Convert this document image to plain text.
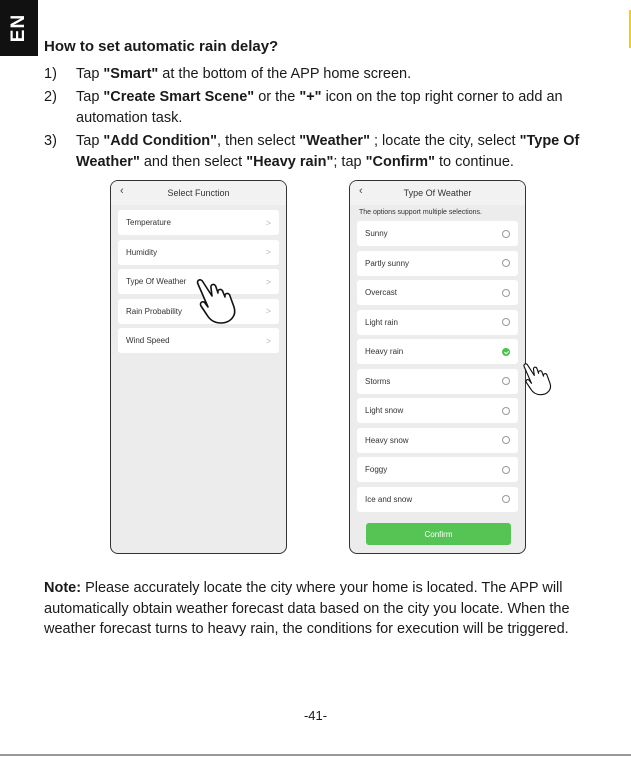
EN
How to set automatic rain delay?
1)	Tap "Smart" at the bottom of the APP home screen.
2)	Tap "Create Smart Scene" or the "+" icon on the top right corner to add an automation task.
3)	Tap "Add Condition", then select "Weather" ; locate the city, select "Type Of Weather" and then select "Heavy rain"; tap "Confirm" to continue.
‹	Select Function
Temperature	>
Humidity	>
Type Of Weather	>
Rain Probability	>
Wind Speed	>
‹	Type Of Weather
The options support multiple selections.
Sunny
Partly sunny
Overcast
Light rain
Heavy rain
Storms
Light snow
Heavy snow
Foggy
Ice and snow
Confirm

Note: Please accurately locate the city where your home is located. The APP will automatically obtain weather forecast data based on the city you locate. When the weather forecast turns to heavy rain, the conditions for execution will be triggered.

-41-
